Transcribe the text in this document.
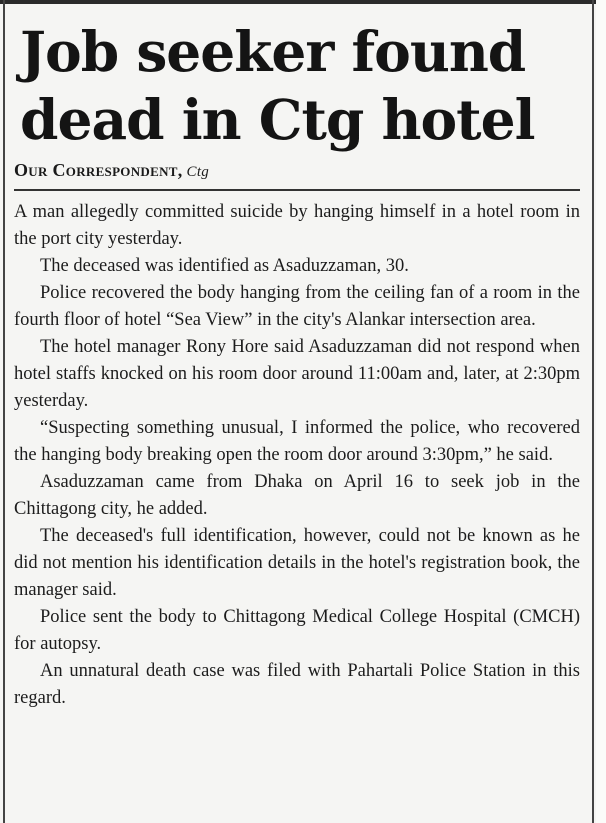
Job seeker found
dead in Ctg hotel
Our Correspondent, Ctg

A man allegedly committed suicide by hanging himself in a hotel room in the port city yesterday.

The deceased was identified as Asaduzzaman, 30.

Police recovered the body hanging from the ceiling fan of a room in the fourth floor of hotel “Sea View” in the city's Alankar intersection area.

The hotel manager Rony Hore said Asaduzzaman did not respond when hotel staffs knocked on his room door around 11:00am and, later, at 2:30pm yesterday.

“Suspecting something unusual, I informed the police, who recovered the hanging body breaking open the room door around 3:30pm,” he said.

Asaduzzaman came from Dhaka on April 16 to seek job in the Chittagong city, he added.

The deceased's full identification, however, could not be known as he did not mention his identification details in the hotel's registration book, the manager said.

Police sent the body to Chittagong Medical College Hospital (CMCH) for autopsy.

An unnatural death case was filed with Pahartali Police Station in this regard.
